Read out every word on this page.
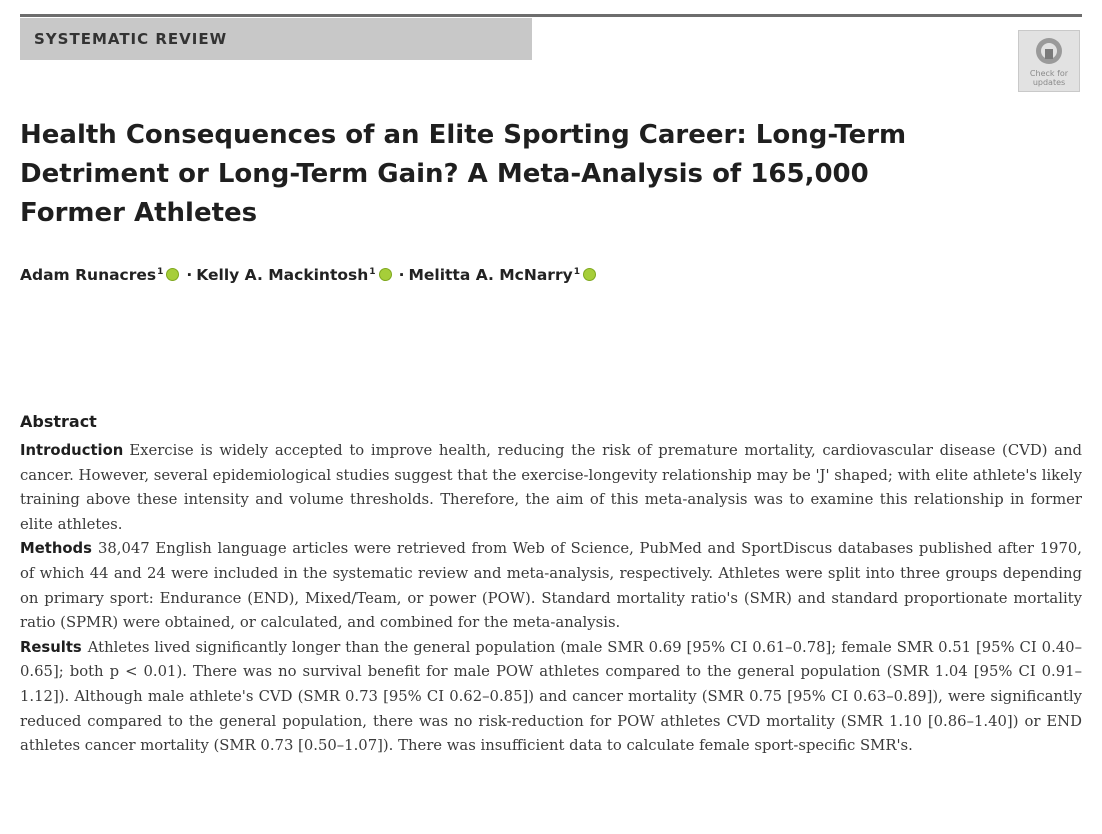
SYSTEMATIC REVIEW
Check for updates
Health Consequences of an Elite Sporting Career: Long-Term Detriment or Long-Term Gain? A Meta-Analysis of 165,000 Former Athletes
Adam Runacres$^1$ · Kelly A. Mackintosh$^1$ · Melitta A. McNarry$^1$
Abstract

Introduction Exercise is widely accepted to improve health, reducing the risk of premature mortality, cardiovascular disease (CVD) and cancer. However, several epidemiological studies suggest that the exercise-longevity relationship may be 'J' shaped; with elite athlete's likely training above these intensity and volume thresholds. Therefore, the aim of this meta-analysis was to examine this relationship in former elite athletes.

Methods 38,047 English language articles were retrieved from Web of Science, PubMed and SportDiscus databases published after 1970, of which 44 and 24 were included in the systematic review and meta-analysis, respectively. Athletes were split into three groups depending on primary sport: Endurance (END), Mixed/Team, or power (POW). Standard mortality ratio's (SMR) and standard proportionate mortality ratio (SPMR) were obtained, or calculated, and combined for the meta-analysis.

Results Athletes lived significantly longer than the general population (male SMR 0.69 [95% CI 0.61–0.78]; female SMR 0.51 [95% CI 0.40–0.65]; both p < 0.01). There was no survival benefit for male POW athletes compared to the general population (SMR 1.04 [95% CI 0.91–1.12]). Although male athlete's CVD (SMR 0.73 [95% CI 0.62–0.85]) and cancer mortality (SMR 0.75 [95% CI 0.63–0.89]), were significantly reduced compared to the general population, there was no risk-reduction for POW athletes CVD mortality (SMR 1.10 [0.86–1.40]) or END athletes cancer mortality (SMR 0.73 [0.50–1.07]). There was insufficient data to calculate female sport-specific SMR's.
